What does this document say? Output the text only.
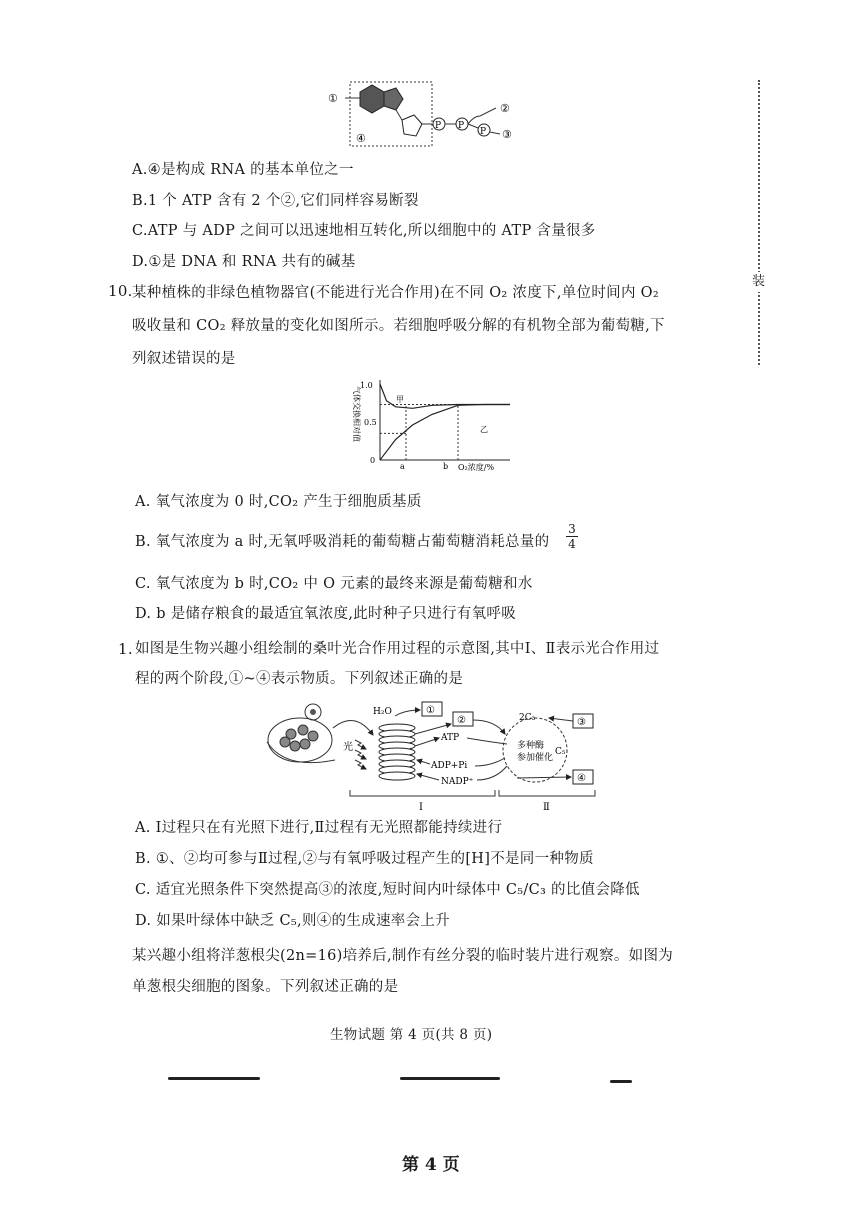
装
①
P P
P
②
③
④
A.④是构成 RNA 的基本单位之一
B.1 个 ATP 含有 2 个②,它们同样容易断裂
C.ATP 与 ADP 之间可以迅速地相互转化,所以细胞中的 ATP 含量很多
D.①是 DNA 和 RNA 共有的碱基
10. 某种植株的非绿色植物器官(不能进行光合作用)在不同 O₂ 浓度下,单位时间内 O₂
吸收量和 CO₂ 释放量的变化如图所示。若细胞呼吸分解的有机物全部为葡萄糖,下
列叙述错误的是
气体交换相对值
1.0
0.5
0
a	b O₂浓度/%
甲
乙
A. 氧气浓度为 0 时,CO₂ 产生于细胞质基质
B. 氧气浓度为 a 时,无氧呼吸消耗的葡萄糖占葡萄糖消耗总量的 $\frac{3}{4}$
C. 氧气浓度为 b 时,CO₂ 中 O 元素的最终来源是葡萄糖和水
D. b 是储存粮食的最适宜氧浓度,此时种子只进行有氧呼吸
1. 如图是生物兴趣小组绘制的桑叶光合作用过程的示意图,其中Ⅰ、Ⅱ表示光合作用过
程的两个阶段,①~④表示物质。下列叙述正确的是
光
H₂O	①
②
ATP
ADP+Pi
NADP⁺
2C₃
C₅
多种酶
参加催化
③
④
Ⅰ	Ⅱ
A. Ⅰ过程只在有光照下进行,Ⅱ过程有无光照都能持续进行
B. ①、②均可参与Ⅱ过程,②与有氧呼吸过程产生的[H]不是同一种物质
C. 适宜光照条件下突然提高③的浓度,短时间内叶绿体中 C₅/C₃ 的比值会降低
D. 如果叶绿体中缺乏 C₅,则④的生成速率会上升
某兴趣小组将洋葱根尖(2n=16)培养后,制作有丝分裂的临时装片进行观察。如图为
单葱根尖细胞的图象。下列叙述正确的是
生物试题 第 4 页(共 8 页)
第 4 页
